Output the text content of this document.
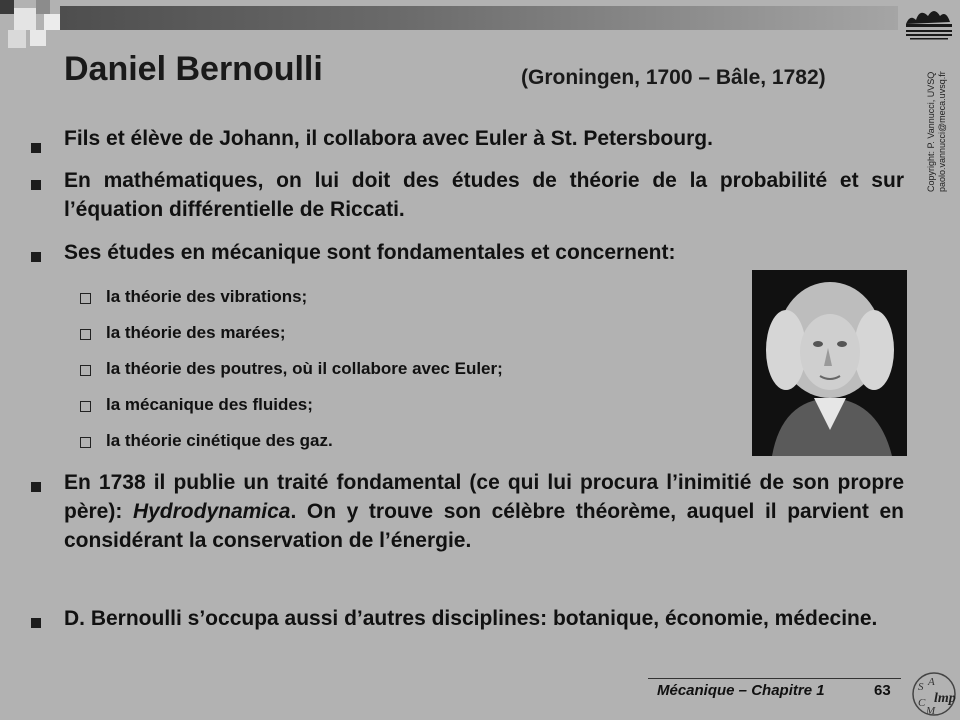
Copyright: P. Vannucci, UVSQ
paolo.vannucci@meca.uvsq.fr
Daniel Bernoulli	(Groningen, 1700 – Bâle, 1782)
Fils et élève de Johann, il collabora avec Euler à St. Petersbourg.
En mathématiques, on lui doit des études de théorie de la probabilité et sur l’équation différentielle de Riccati.
Ses études en mécanique sont fondamentales et concernent:
la théorie des vibrations;
la théorie des marées;
la théorie des poutres, où il collabore avec Euler;
la mécanique des fluides;
la théorie cinétique des gaz.
En 1738 il publie un traité fondamental (ce qui lui procura l’inimitié de son propre père): Hydrodynamica. On y trouve son célèbre théorème, auquel il parvient en considérant la conservation de l’énergie.
D. Bernoulli s’occupa aussi d’autres disciplines: botanique, économie, médecine.
Mécanique – Chapitre 1	63 S A
C
M
lmp
